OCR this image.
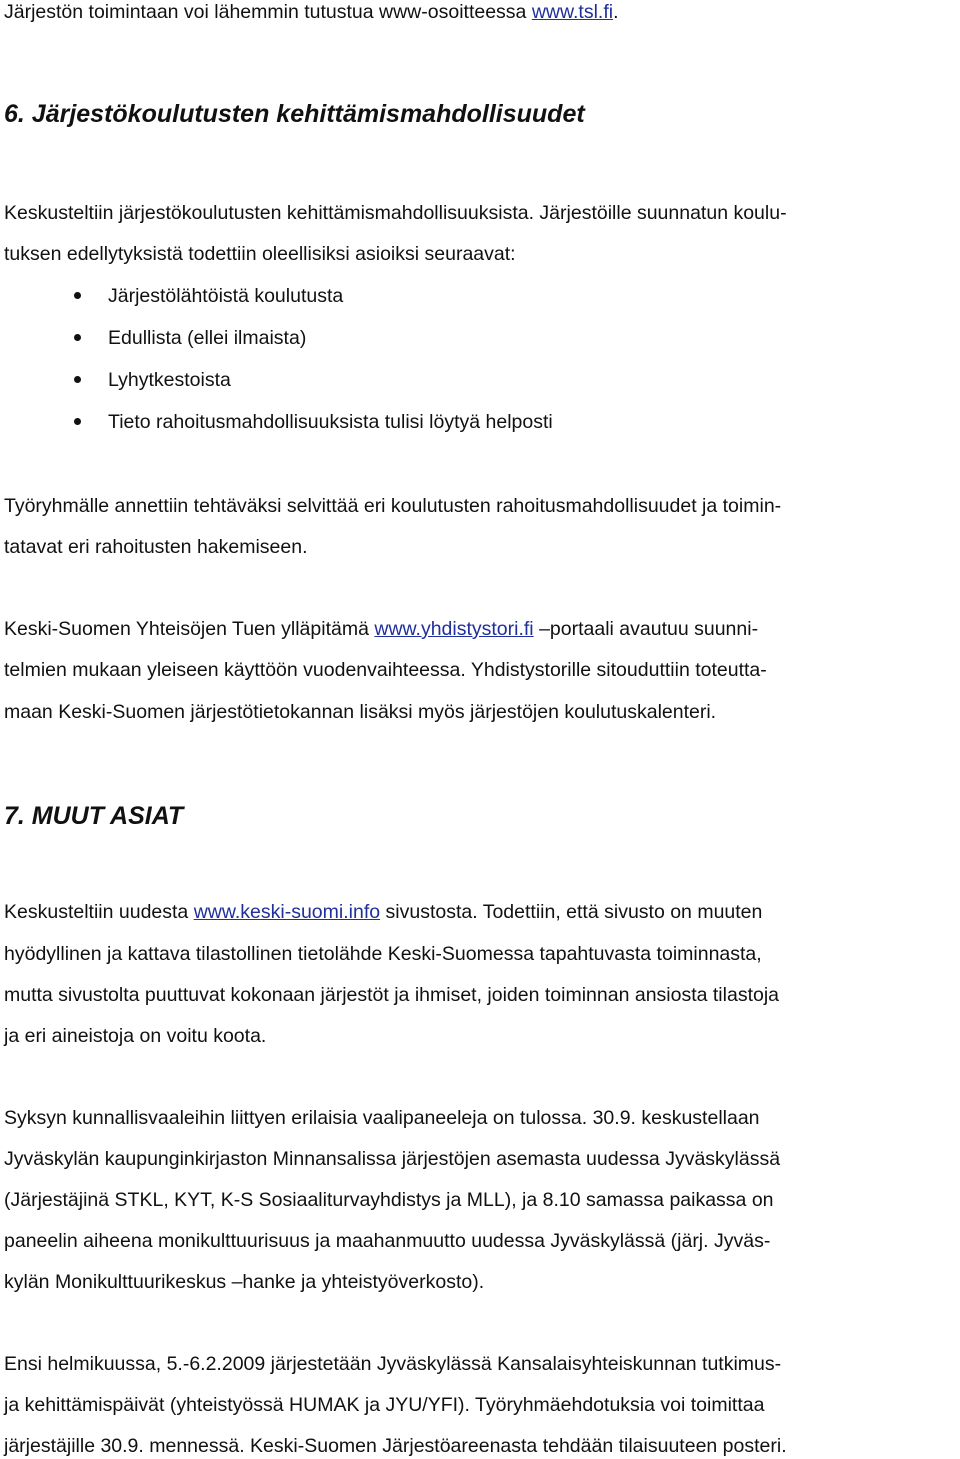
Järjestön toimintaan voi lähemmin tutustua www-osoitteessa www.tsl.fi.
6. Järjestökoulutusten kehittämismahdollisuudet
Keskusteltiin järjestökoulutusten kehittämismahdollisuuksista. Järjestöille suunnatun koulu-
tuksen edellytyksistä todettiin oleellisiksi asioiksi seuraavat:
Järjestölähtöistä koulutusta
Edullista (ellei ilmaista)
Lyhytkestoista
Tieto rahoitusmahdollisuuksista tulisi löytyä helposti
Työryhmälle annettiin tehtäväksi selvittää eri koulutusten rahoitusmahdollisuudet ja toimin-
tatavat eri rahoitusten hakemiseen.
Keski-Suomen Yhteisöjen Tuen ylläpitämä www.yhdistystori.fi –portaali avautuu suunni-
telmien mukaan yleiseen käyttöön vuodenvaihteessa. Yhdistystorille sitouduttiin toteutta-
maan Keski-Suomen järjestötietokannan lisäksi myös järjestöjen koulutuskalenteri.
7. MUUT ASIAT
Keskusteltiin uudesta www.keski-suomi.info sivustosta. Todettiin, että sivusto on muuten
hyödyllinen ja kattava tilastollinen tietolähde Keski-Suomessa tapahtuvasta toiminnasta,
mutta sivustolta puuttuvat kokonaan järjestöt ja ihmiset, joiden toiminnan ansiosta tilastoja
ja eri aineistoja on voitu koota.
Syksyn kunnallisvaaleihin liittyen erilaisia vaalipaneeleja on tulossa. 30.9. keskustellaan
Jyväskylän kaupunginkirjaston Minnansalissa järjestöjen asemasta uudessa Jyväskylässä
(Järjestäjinä STKL, KYT, K-S Sosiaaliturvayhdistys ja MLL), ja 8.10 samassa paikassa on
paneelin aiheena monikulttuurisuus ja maahanmuutto uudessa Jyväskylässä (järj. Jyväs-
kylän Monikulttuurikeskus –hanke ja yhteistyöverkosto).
Ensi helmikuussa, 5.-6.2.2009 järjestetään Jyväskylässä Kansalaisyhteiskunnan tutkimus-
ja kehittämispäivät (yhteistyössä HUMAK ja JYU/YFI). Työryhmäehdotuksia voi toimittaa
järjestäjille 30.9. mennessä. Keski-Suomen Järjestöareenasta tehdään tilaisuuteen posteri.
